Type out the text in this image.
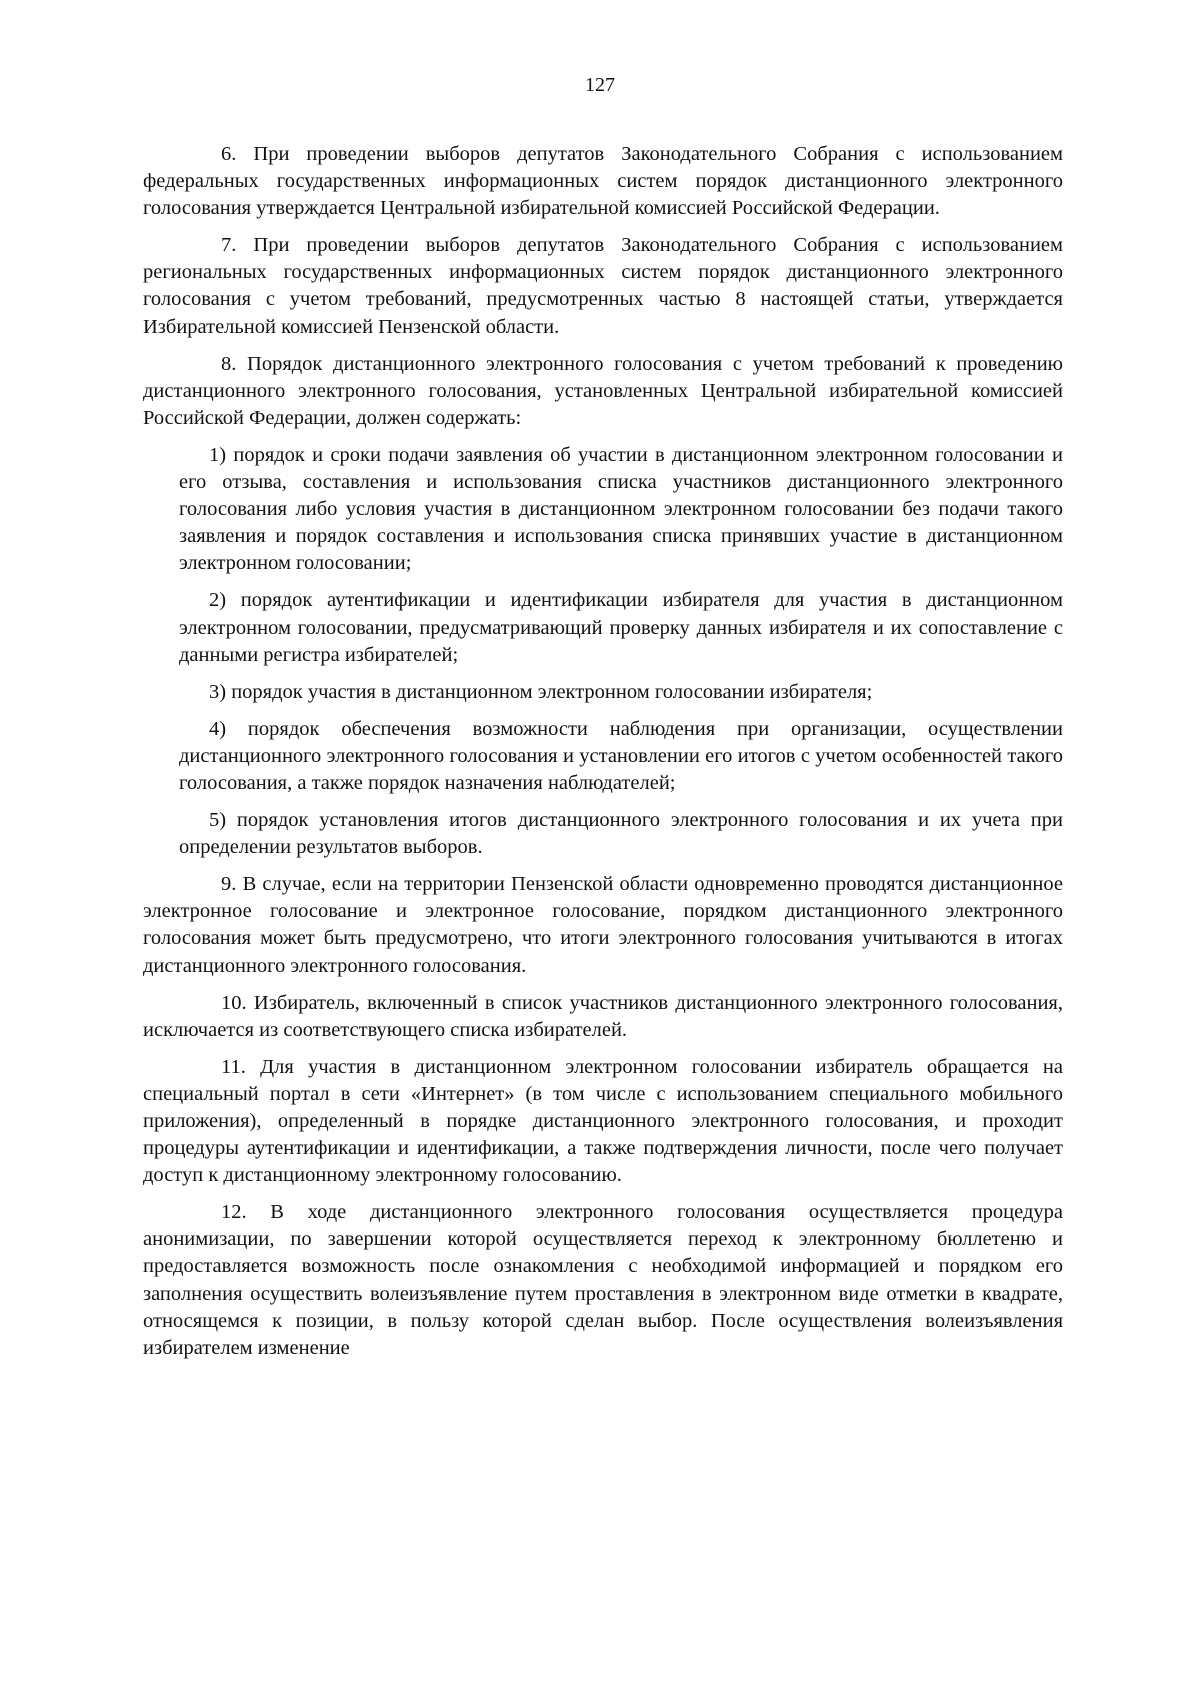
127

6. При проведении выборов депутатов Законодательного Собрания с использованием федеральных государственных информационных систем порядок дистанционного электронного голосования утверждается Центральной избирательной комиссией Российской Федерации.

7. При проведении выборов депутатов Законодательного Собрания с использованием региональных государственных информационных систем порядок дистанционного электронного голосования с учетом требований, предусмотренных частью 8 настоящей статьи, утверждается Избирательной комиссией Пензенской области.

8. Порядок дистанционного электронного голосования с учетом требований к проведению дистанционного электронного голосования, установленных Центральной избирательной комиссией Российской Федерации, должен содержать:

1) порядок и сроки подачи заявления об участии в дистанционном электронном голосовании и его отзыва, составления и использования списка участников дистанционного электронного голосования либо условия участия в дистанционном электронном голосовании без подачи такого заявления и порядок составления и использования списка принявших участие в дистанционном электронном голосовании;

2) порядок аутентификации и идентификации избирателя для участия в дистанционном электронном голосовании, предусматривающий проверку данных избирателя и их сопоставление с данными регистра избирателей;

3) порядок участия в дистанционном электронном голосовании избирателя;

4) порядок обеспечения возможности наблюдения при организации, осуществлении дистанционного электронного голосования и установлении его итогов с учетом особенностей такого голосования, а также порядок назначения наблюдателей;

5) порядок установления итогов дистанционного электронного голосования и их учета при определении результатов выборов.

9. В случае, если на территории Пензенской области одновременно проводятся дистанционное электронное голосование и электронное голосование, порядком дистанционного электронного голосования может быть предусмотрено, что итоги электронного голосования учитываются в итогах дистанционного электронного голосования.

10. Избиратель, включенный в список участников дистанционного электронного голосования, исключается из соответствующего списка избирателей.

11. Для участия в дистанционном электронном голосовании избиратель обращается на специальный портал в сети «Интернет» (в том числе с использованием специального мобильного приложения), определенный в порядке дистанционного электронного голосования, и проходит процедуры аутентификации и идентификации, а также подтверждения личности, после чего получает доступ к дистанционному электронному голосованию.

12. В ходе дистанционного электронного голосования осуществляется процедура анонимизации, по завершении которой осуществляется переход к электронному бюллетеню и предоставляется возможность после ознакомления с необходимой информацией и порядком его заполнения осуществить волеизъявление путем проставления в электронном виде отметки в квадрате, относящемся к позиции, в пользу которой сделан выбор. После осуществления волеизъявления избирателем изменение
